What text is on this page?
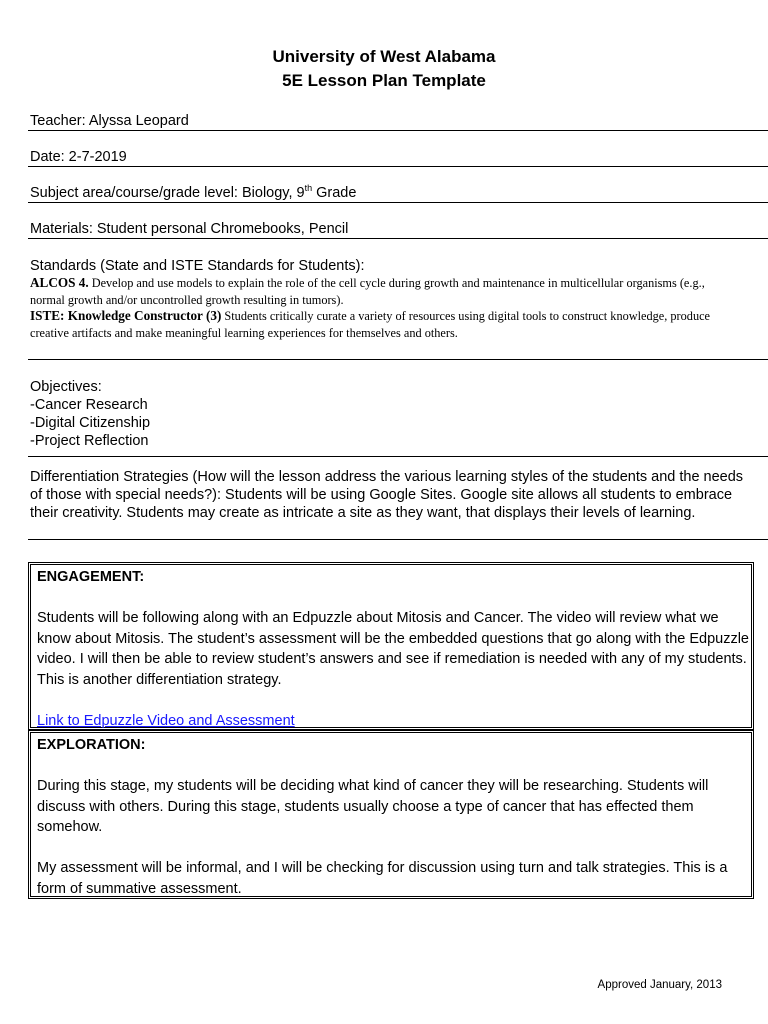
University of West Alabama
5E Lesson Plan Template
Teacher: Alyssa Leopard
Date: 2-7-2019
Subject area/course/grade level: Biology, 9th Grade
Materials: Student personal Chromebooks, Pencil
Standards (State and ISTE Standards for Students):
ALCOS 4. Develop and use models to explain the role of the cell cycle during growth and maintenance in multicellular organisms (e.g., normal growth and/or uncontrolled growth resulting in tumors).
ISTE: Knowledge Constructor (3) Students critically curate a variety of resources using digital tools to construct knowledge, produce creative artifacts and make meaningful learning experiences for themselves and others.
Objectives:
-Cancer Research
-Digital Citizenship
-Project Reflection
Differentiation Strategies (How will the lesson address the various learning styles of the students and the needs of those with special needs?): Students will be using Google Sites. Google site allows all students to embrace their creativity. Students may create as intricate a site as they want, that displays their levels of learning.

ENGAGEMENT:

Students will be following along with an Edpuzzle about Mitosis and Cancer. The video will review what we know about Mitosis. The student’s assessment will be the embedded questions that go along with the Edpuzzle video. I will then be able to review student’s answers and see if remediation is needed with any of my students. This is another differentiation strategy.

Link to Edpuzzle Video and Assessment

EXPLORATION:

During this stage, my students will be deciding what kind of cancer they will be researching. Students will discuss with others. During this stage, students usually choose a type of cancer that has effected them somehow.

My assessment will be informal, and I will be checking for discussion using turn and talk strategies. This is a form of summative assessment.

Approved January, 2013
